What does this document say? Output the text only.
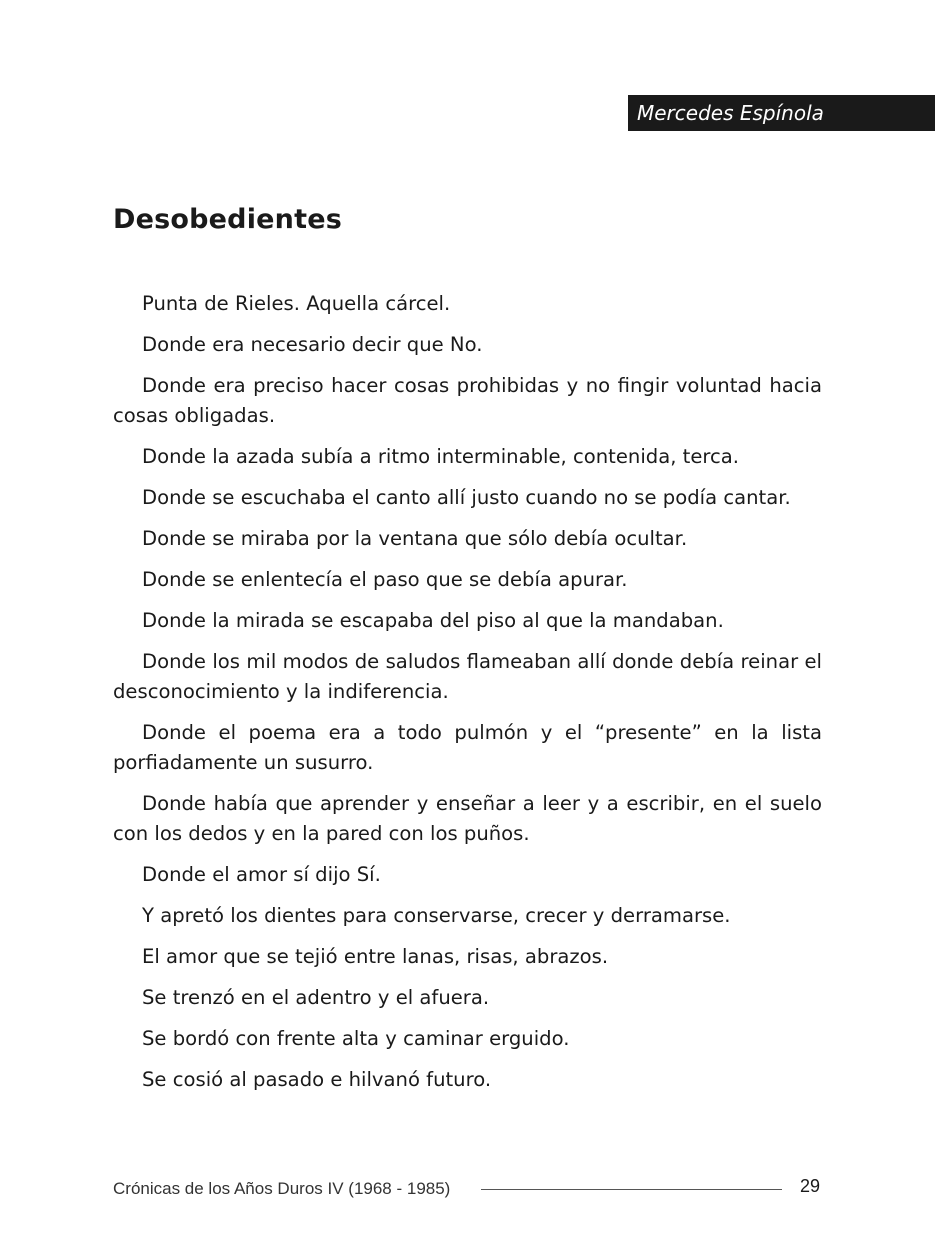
Mercedes Espínola
Desobedientes

Punta de Rieles. Aquella cárcel.

Donde era necesario decir que No.

Donde era preciso hacer cosas prohibidas y no fingir voluntad hacia cosas obligadas.

Donde la azada subía a ritmo interminable, contenida, terca.

Donde se escuchaba el canto allí justo cuando no se podía cantar.

Donde se miraba por la ventana que sólo debía ocultar.

Donde se enlentecía el paso que se debía apurar.

Donde la mirada se escapaba del piso al que la mandaban.

Donde los mil modos de saludos flameaban allí donde debía reinar el desconocimiento y la indiferencia.

Donde el poema era a todo pulmón y el “presente” en la lista porfiadamente un susurro.

Donde había que aprender y enseñar a leer y a escribir, en el suelo con los dedos y en la pared con los puños.

Donde el amor sí dijo Sí.

Y apretó los dientes para conservarse, crecer y derramarse.

El amor que se tejió entre lanas, risas, abrazos.

Se trenzó en el adentro y el afuera.

Se bordó con frente alta y caminar erguido.

Se cosió al pasado e hilvanó futuro.

Crónicas de los Años Duros IV (1968 - 1985)	29
